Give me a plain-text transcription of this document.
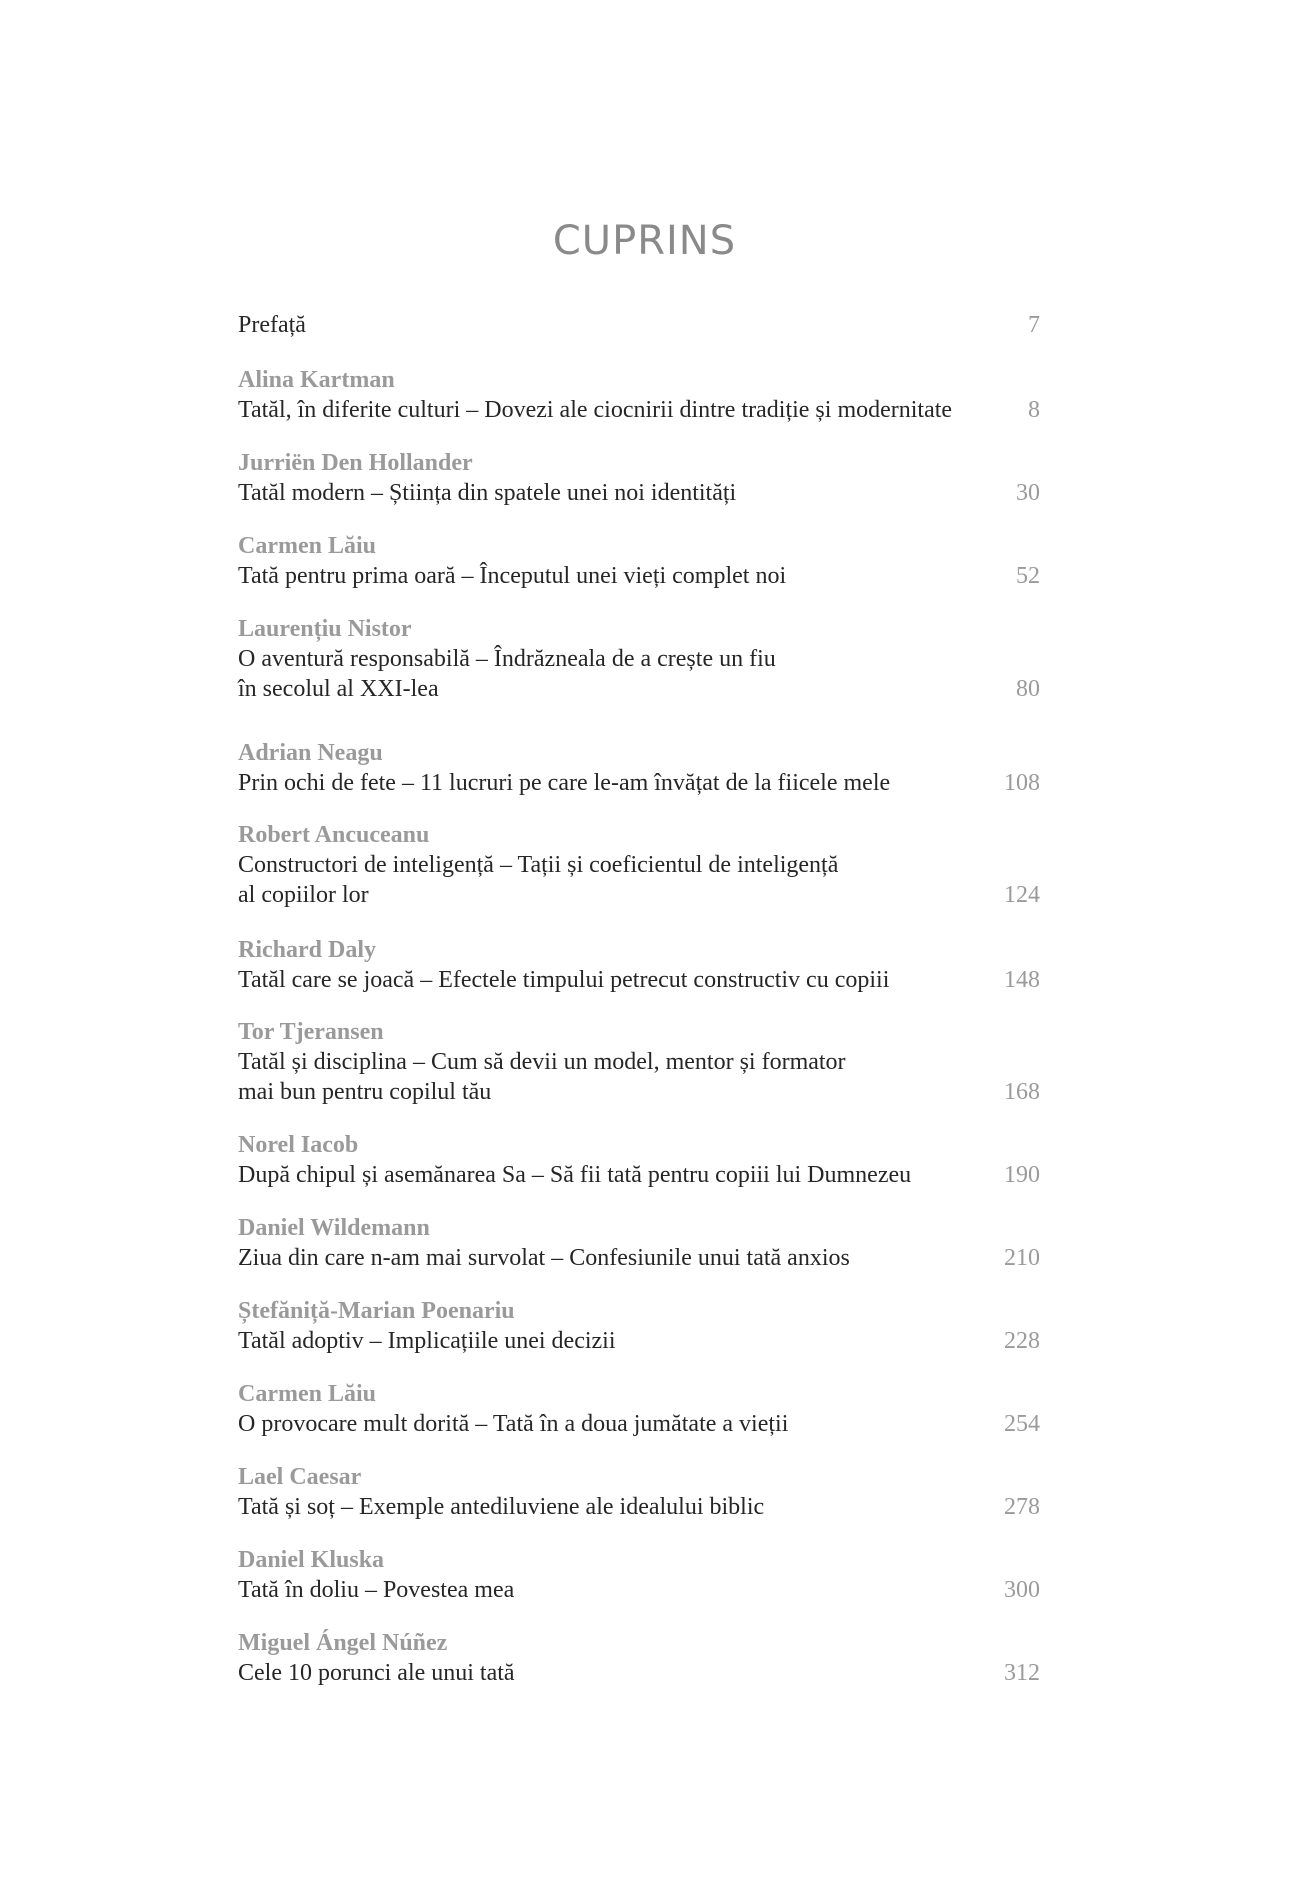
CUPRINS
Prefață	7
Alina Kartman
Tatăl, în diferite culturi – Dovezi ale ciocnirii dintre tradiție și modernitate	8
Jurriën Den Hollander
Tatăl modern – Știința din spatele unei noi identități	30
Carmen Lăiu
Tată pentru prima oară – Începutul unei vieți complet noi	52
Laurențiu Nistor
O aventură responsabilă – Îndrăzneala de a crește un fiu
în secolul al XXI-lea	80
Adrian Neagu
Prin ochi de fete – 11 lucruri pe care le-am învățat de la fiicele mele	108
Robert Ancuceanu
Constructori de inteligență – Tații și coeficientul de inteligență
al copiilor lor	124
Richard Daly
Tatăl care se joacă – Efectele timpului petrecut constructiv cu copiii	148
Tor Tjeransen
Tatăl și disciplina – Cum să devii un model, mentor și formator
mai bun pentru copilul tău	168
Norel Iacob
După chipul și asemănarea Sa – Să fii tată pentru copiii lui Dumnezeu	190
Daniel Wildemann
Ziua din care n-am mai survolat – Confesiunile unui tată anxios	210
Ștefăniță-Marian Poenariu
Tatăl adoptiv – Implicațiile unei decizii	228
Carmen Lăiu
O provocare mult dorită – Tată în a doua jumătate a vieții	254
Lael Caesar
Tată și soț – Exemple antediluviene ale idealului biblic	278
Daniel Kluska
Tată în doliu – Povestea mea	300
Miguel Ángel Núñez
Cele 10 porunci ale unui tată	312
